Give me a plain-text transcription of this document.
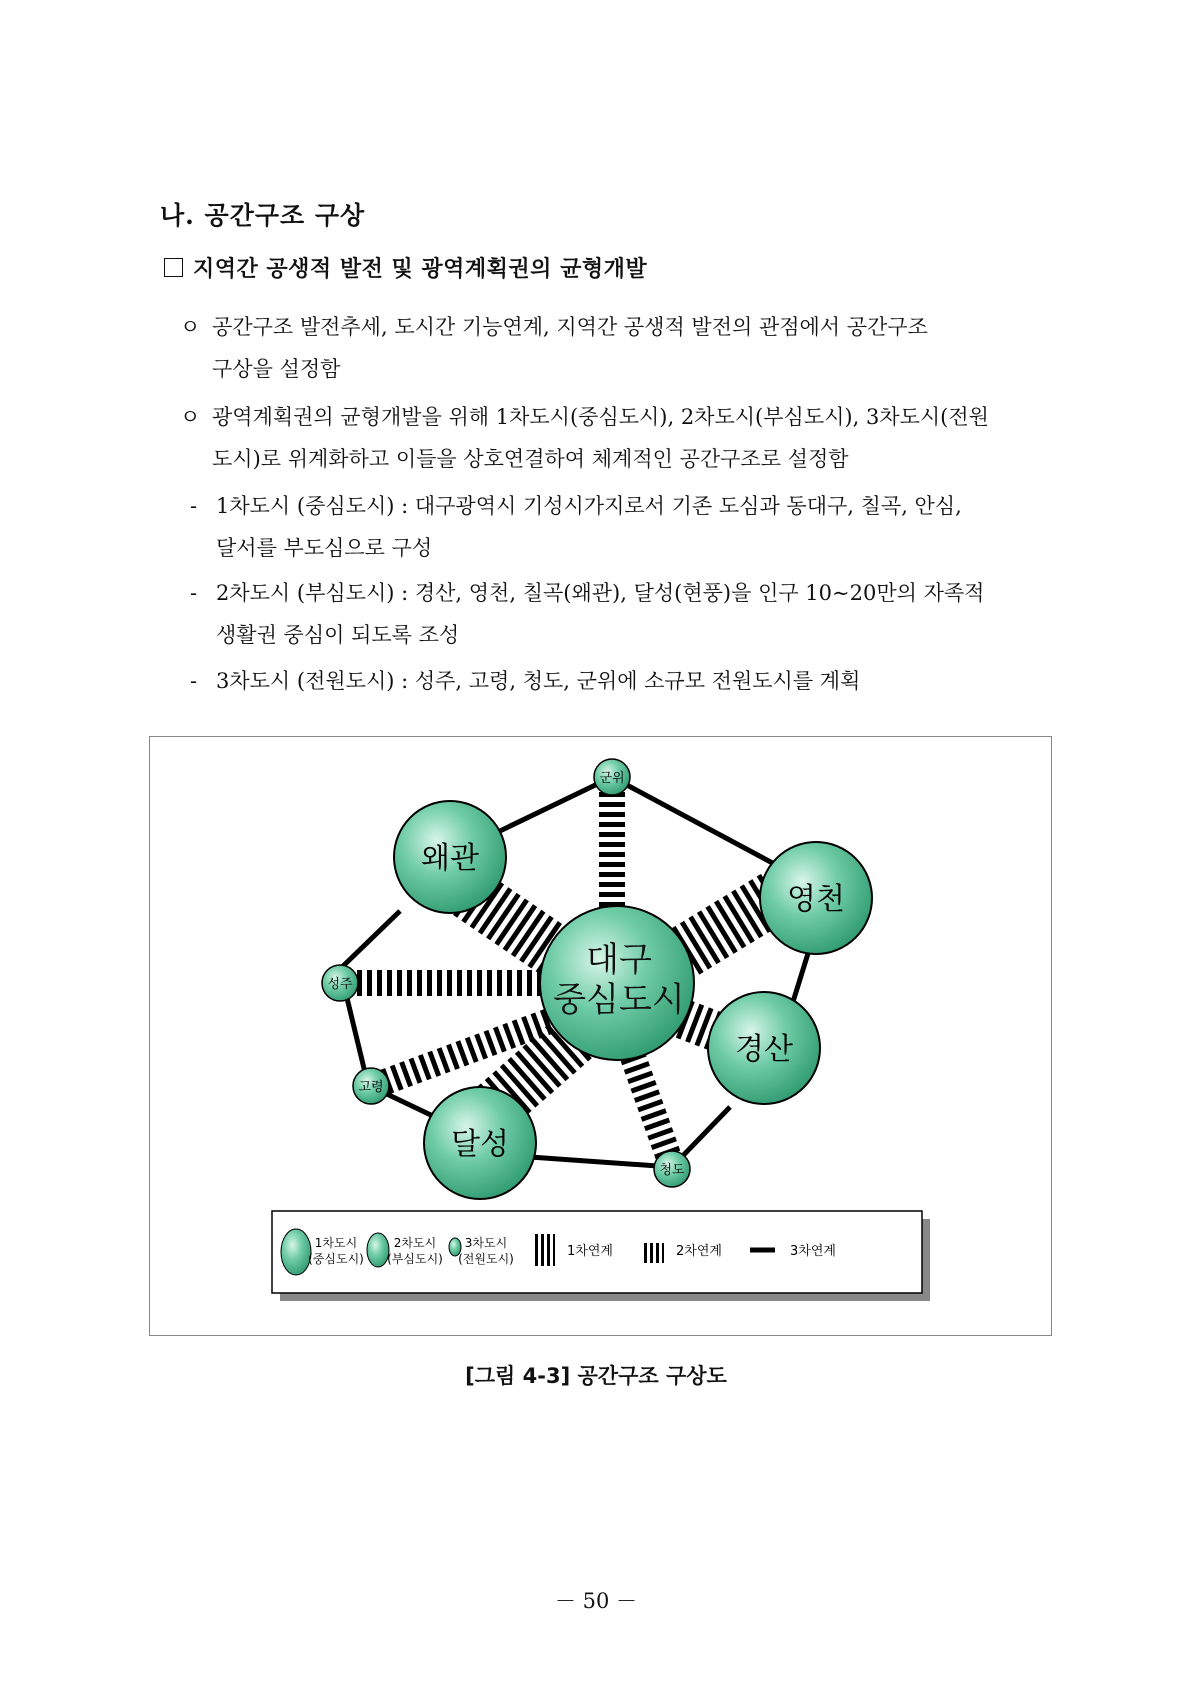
나. 공간구조 구상
지역간 공생적 발전 및 광역계획권의 균형개발
ㅇ 공간구조 발전추세, 도시간 기능연계, 지역간 공생적 발전의 관점에서 공간구조
구상을 설정함
ㅇ 광역계획권의 균형개발을 위해 1차도시(중심도시), 2차도시(부심도시), 3차도시(전원
도시)로 위계화하고 이들을 상호연결하여 체계적인 공간구조로 설정함
- 1차도시 (중심도시) : 대구광역시 기성시가지로서 기존 도심과 동대구, 칠곡, 안심,
달서를 부도심으로 구성
- 2차도시 (부심도시) : 경산, 영천, 칠곡(왜관), 달성(현풍)을 인구 10∼20만의 자족적
생활권 중심이 되도록 조성
- 3차도시 (전원도시) : 성주, 고령, 청도, 군위에 소규모 전원도시를 계획
대구
중심도시
왜관
영천
경산
달성
군위
성주
고령
청도
1차도시
(중심도시)
2차도시
(부심도시)
3차도시
(전원도시)	1차연계	2차연계	3차연계
[그림 4-3] 공간구조 구상도
－ 50 －
